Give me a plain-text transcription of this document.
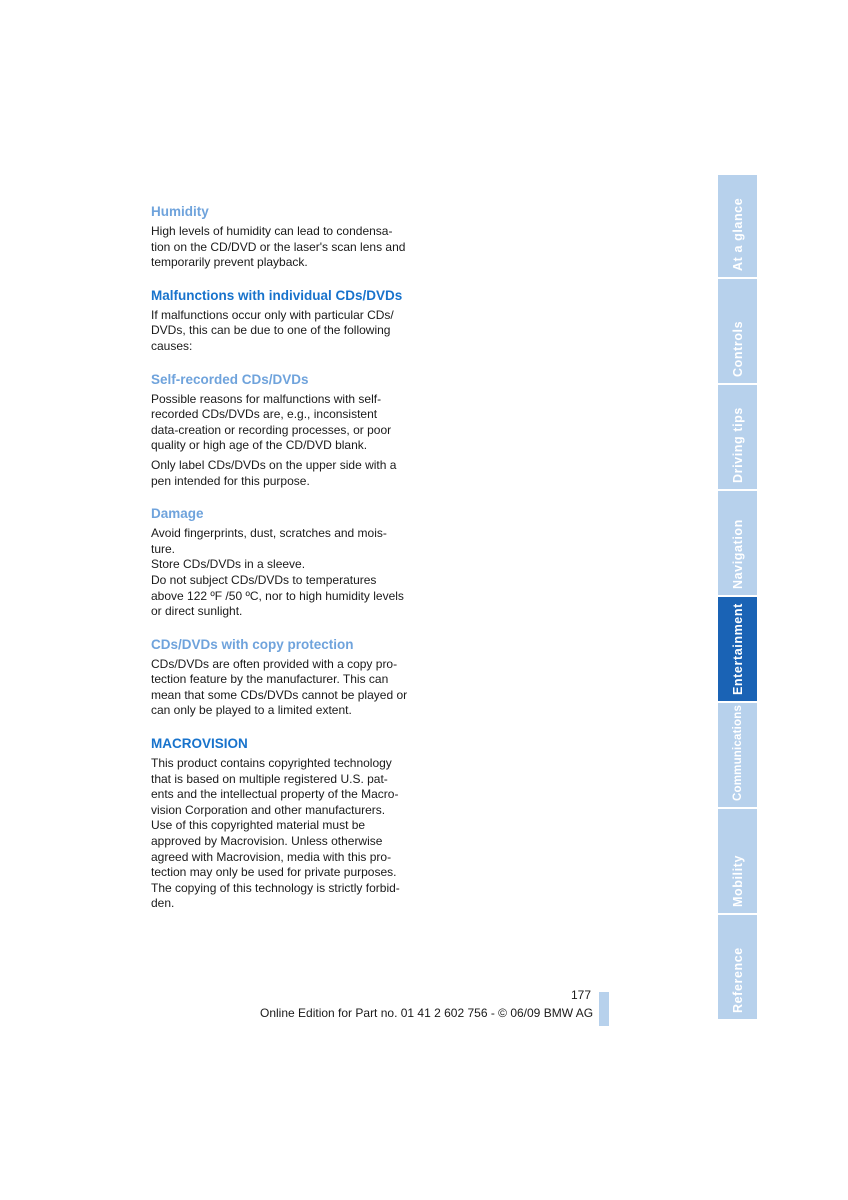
Humidity
High levels of humidity can lead to condensa-
tion on the CD/DVD or the laser's scan lens and
temporarily prevent playback.
Malfunctions with individual CDs/DVDs
If malfunctions occur only with particular CDs/
DVDs, this can be due to one of the following
causes:
Self-recorded CDs/DVDs
Possible reasons for malfunctions with self-
recorded CDs/DVDs are, e.g., inconsistent
data-creation or recording processes, or poor
quality or high age of the CD/DVD blank.
Only label CDs/DVDs on the upper side with a
pen intended for this purpose.
Damage
Avoid fingerprints, dust, scratches and mois-
ture.
Store CDs/DVDs in a sleeve.
Do not subject CDs/DVDs to temperatures
above 122 ºF /50 ºC, nor to high humidity levels
or direct sunlight.
CDs/DVDs with copy protection
CDs/DVDs are often provided with a copy pro-
tection feature by the manufacturer. This can
mean that some CDs/DVDs cannot be played or
can only be played to a limited extent.
MACROVISION
This product contains copyrighted technology
that is based on multiple registered U.S. pat-
ents and the intellectual property of the Macro-
vision Corporation and other manufacturers.
Use of this copyrighted material must be
approved by Macrovision. Unless otherwise
agreed with Macrovision, media with this pro-
tection may only be used for private purposes.
The copying of this technology is strictly forbid-
den.
At a glance
Controls
Driving tips
Navigation
Entertainment
Communications
Mobility
Reference
177
Online Edition for Part no. 01 41 2 602 756 - © 06/09 BMW AG
